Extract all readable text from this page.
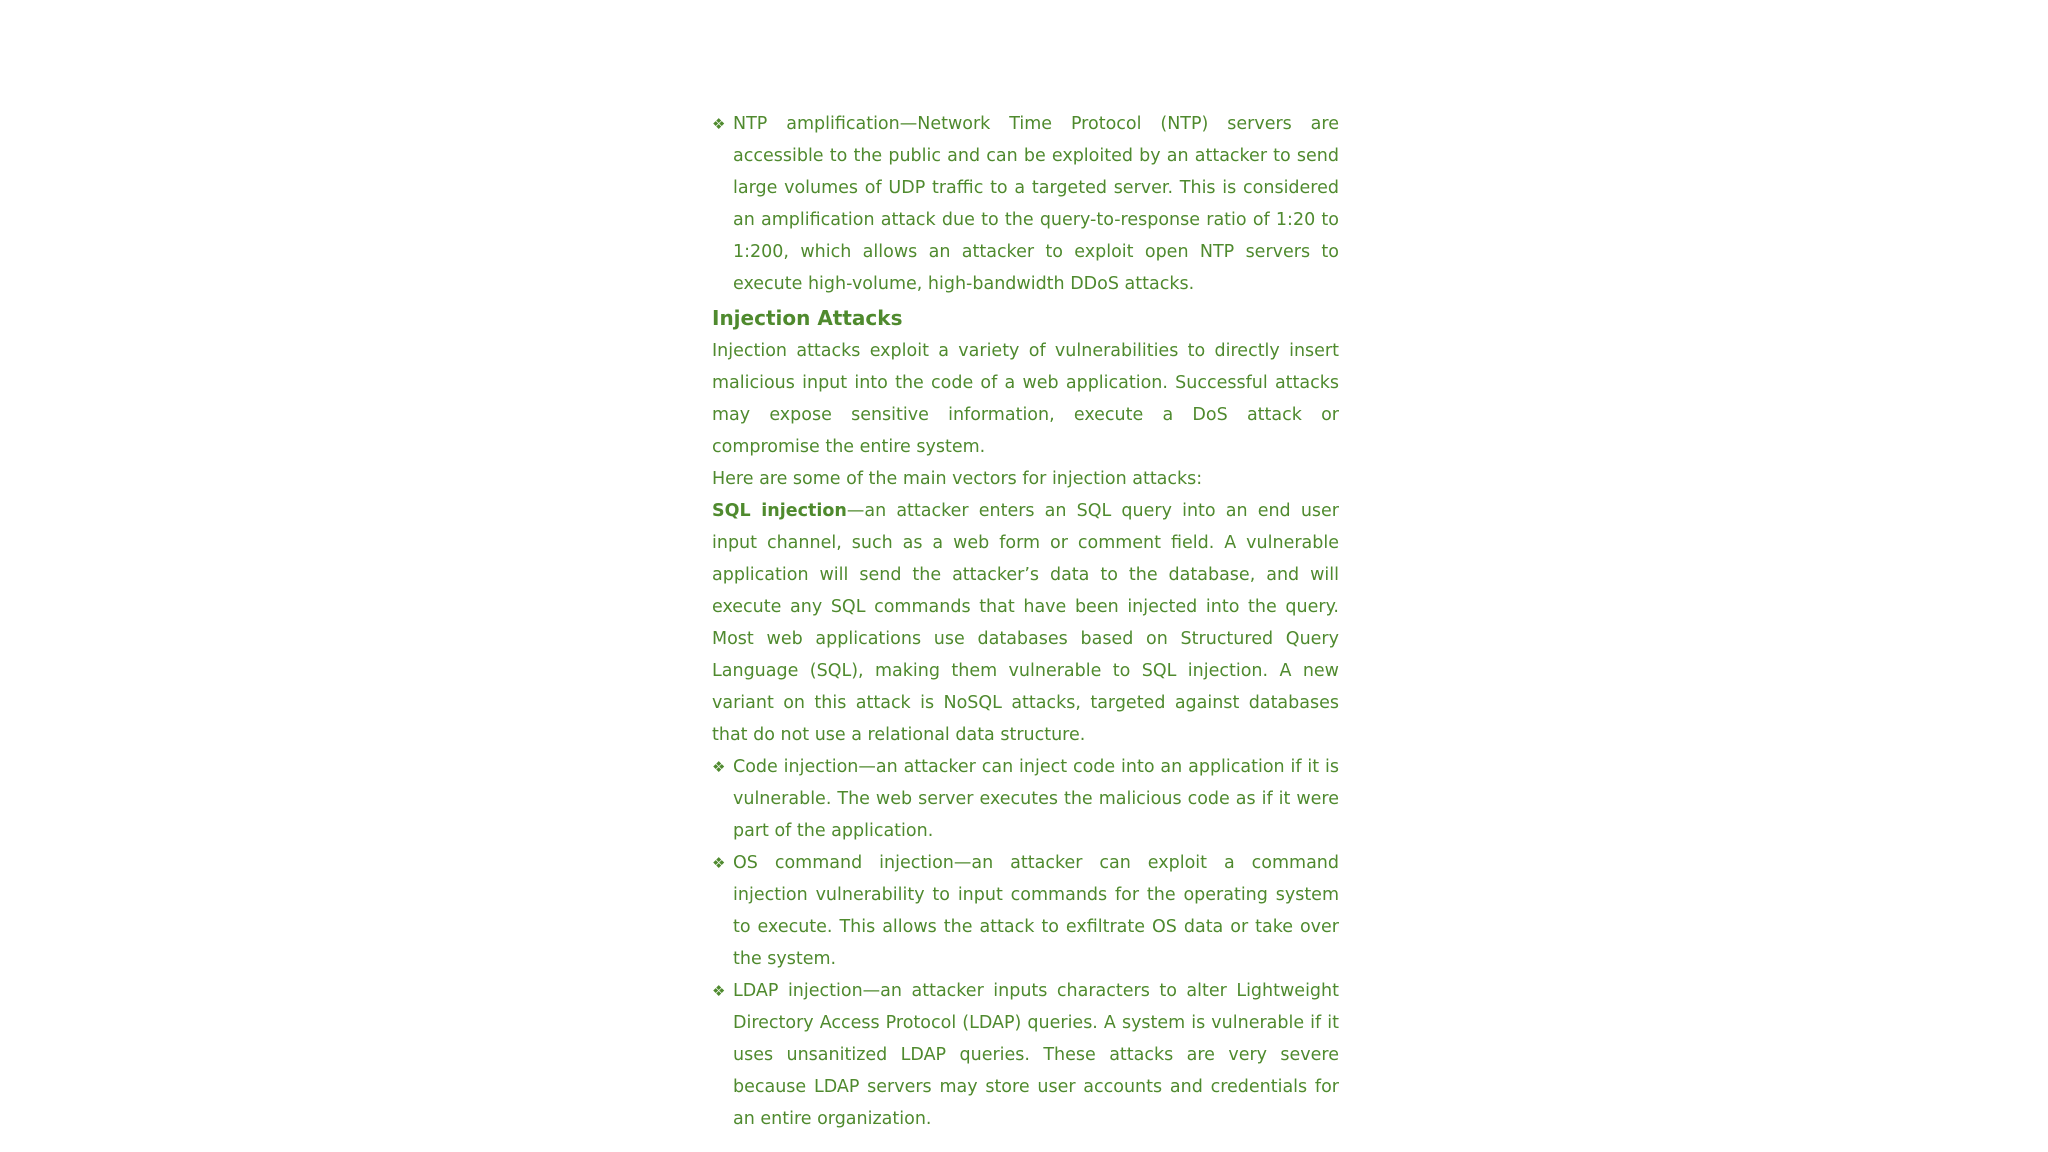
❖ NTP amplification—Network Time Protocol (NTP) servers are accessible to the public and can be exploited by an attacker to send large volumes of UDP traffic to a targeted server. This is considered an amplification attack due to the query-to-response ratio of 1:20 to 1:200, which allows an attacker to exploit open NTP servers to execute high-volume, high-bandwidth DDoS attacks.

Injection Attacks

Injection attacks exploit a variety of vulnerabilities to directly insert malicious input into the code of a web application. Successful attacks may expose sensitive information, execute a DoS attack or compromise the entire system.

Here are some of the main vectors for injection attacks:

SQL injection—an attacker enters an SQL query into an end user input channel, such as a web form or comment field. A vulnerable application will send the attacker’s data to the database, and will execute any SQL commands that have been injected into the query. Most web applications use databases based on Structured Query Language (SQL), making them vulnerable to SQL injection. A new variant on this attack is NoSQL attacks, targeted against databases that do not use a relational data structure.

❖ Code injection—an attacker can inject code into an application if it is vulnerable. The web server executes the malicious code as if it were part of the application.

❖ OS command injection—an attacker can exploit a command injection vulnerability to input commands for the operating system to execute. This allows the attack to exfiltrate OS data or take over the system.

❖ LDAP injection—an attacker inputs characters to alter Lightweight Directory Access Protocol (LDAP) queries. A system is vulnerable if it uses unsanitized LDAP queries. These attacks are very severe because LDAP servers may store user accounts and credentials for an entire organization.
